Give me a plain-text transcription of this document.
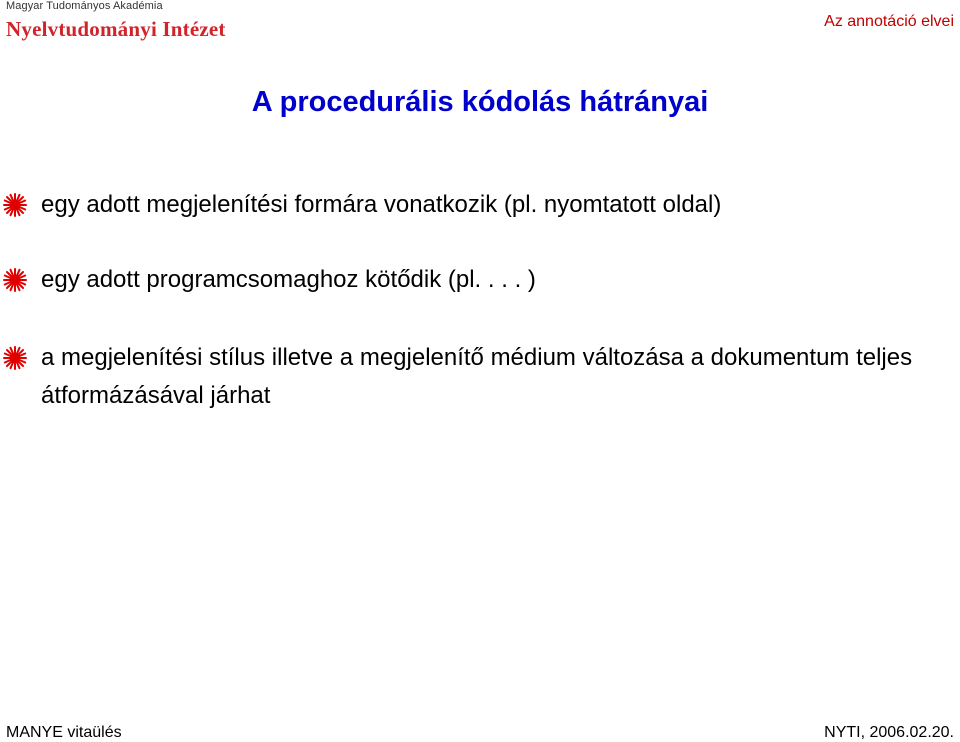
Magyar Tudományos Akadémia
Nyelvtudományi Intézet	Az annotáció elvei
A procedurális kódolás hátrányai
egy adott megjelenítési formára vonatkozik (pl. nyomtatott oldal)
egy adott programcsomaghoz kötődik (pl. . . . )
a megjelenítési stílus illetve a megjelenítő médium változása a dokumentum teljes átformázásával járhat
MANYE vitaülés	NYTI, 2006.02.20.
